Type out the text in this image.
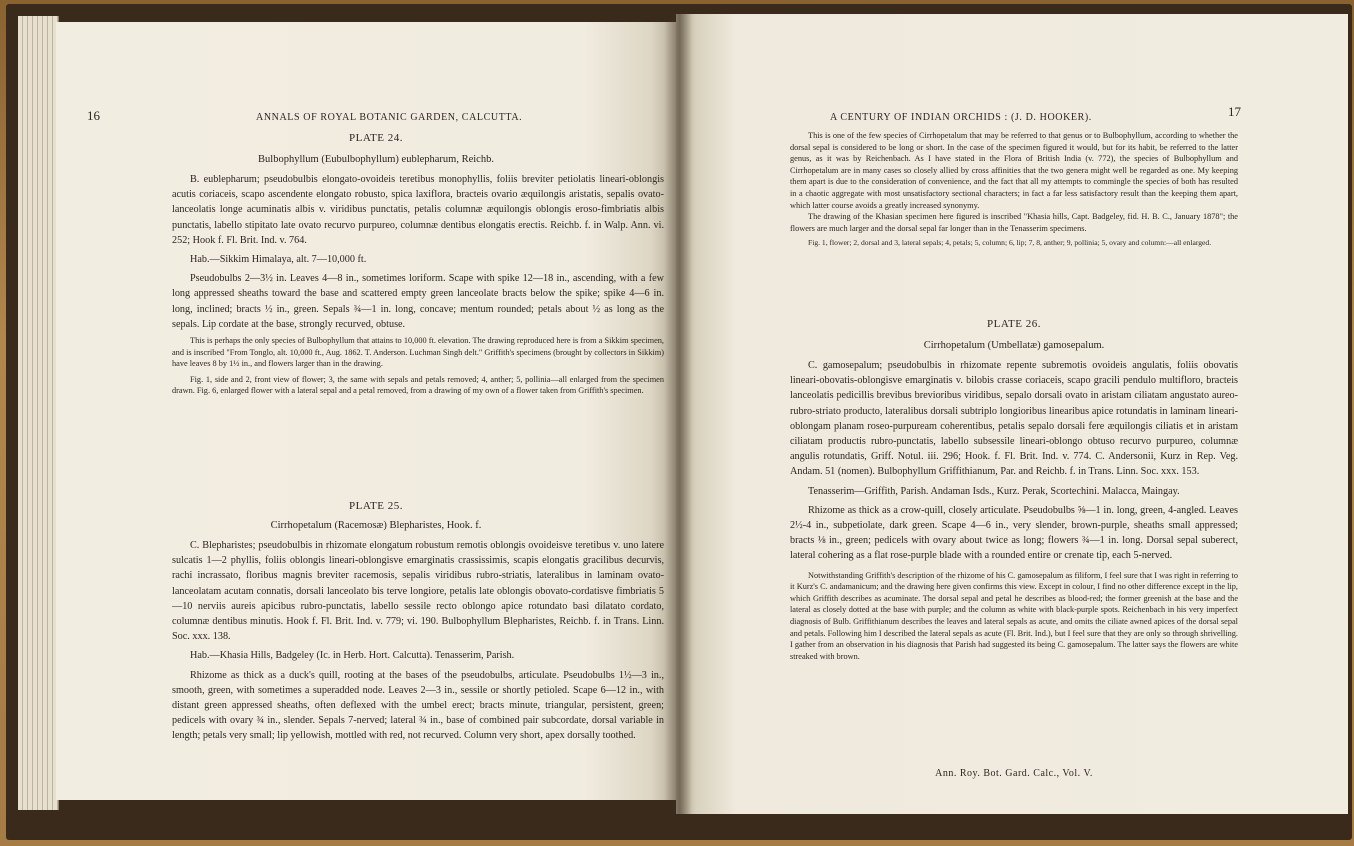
16	ANNALS OF ROYAL BOTANIC GARDEN, CALCUTTA.
PLATE 24.
Bulbophyllum (Eubulbophyllum) eublepharum, Reichb.

B. eublepharum; pseudobulbis elongato-ovoideis teretibus monophyllis, foliis breviter petiolatis lineari-oblongis acutis coriaceis, scapo ascendente elongato robusto, spica laxiflora, bracteis ovario æquilongis aristatis, sepalis ovato-lanceolatis longe acuminatis albis v. viridibus punctatis, petalis columnæ æquilongis oblongis eroso-fimbriatis albis punctatis, labello stipitato late ovato recurvo purpureo, columnæ dentibus elongatis erectis. Reichb. f. in Walp. Ann. vi. 252; Hook f. Fl. Brit. Ind. v. 764.

Hab.—Sikkim Himalaya, alt. 7—10,000 ft.

Pseudobulbs 2—3½ in. Leaves 4—8 in., sometimes loriform. Scape with spike 12—18 in., ascending, with a few long appressed sheaths toward the base and scattered empty green lanceolate bracts below the spike; spike 4—6 in. long, inclined; bracts ½ in., green. Sepals ¾—1 in. long, concave; mentum rounded; petals about ½ as long as the sepals. Lip cordate at the base, strongly recurved, obtuse.

This is perhaps the only species of Bulbophyllum that attains to 10,000 ft. elevation. The drawing reproduced here is from a Sikkim specimen, and is inscribed "From Tonglo, alt. 10,000 ft., Aug. 1862. T. Anderson. Luchman Singh delt." Griffith's specimens (brought by collectors in Sikkim) have leaves 8 by 1½ in., and flowers larger than in the drawing.

Fig. 1, side and 2, front view of flower; 3, the same with sepals and petals removed; 4, anther; 5, pollinia—all enlarged from the specimen drawn. Fig. 6, enlarged flower with a lateral sepal and a petal removed, from a drawing of my own of a flower taken from Griffith's specimen.

PLATE 25.
Cirrhopetalum (Racemosæ) Blepharistes, Hook. f.

C. Blepharistes; pseudobulbis in rhizomate elongatum robustum remotis oblongis ovoideisve teretibus v. uno latere sulcatis 1—2 phyllis, foliis oblongis lineari-oblongisve emarginatis crassissimis, scapis elongatis gracilibus decurvis, rachi incrassato, floribus magnis breviter racemosis, sepalis viridibus rubro-striatis, lateralibus in laminam ovato-lanceolatam acutam connatis, dorsali lanceolato bis terve longiore, petalis late oblongis obovato-cordatisve fimbriatis 5—10 nerviis aureis apicibus rubro-punctatis, labello sessile recto oblongo apice rotundato basi dilatato cordato, columnæ dentibus minutis. Hook f. Fl. Brit. Ind. v. 779; vi. 190. Bulbophyllum Blepharistes, Reichb. f. in Trans. Linn. Soc. xxx. 138.

Hab.—Khasia Hills, Badgeley (Ic. in Herb. Hort. Calcutta). Tenasserim, Parish.

Rhizome as thick as a duck's quill, rooting at the bases of the pseudobulbs, articulate. Pseudobulbs 1½—3 in., smooth, green, with sometimes a superadded node. Leaves 2—3 in., sessile or shortly petioled. Scape 6—12 in., with distant green appressed sheaths, often deflexed with the umbel erect; bracts minute, triangular, persistent, green; pedicels with ovary ¾ in., slender. Sepals 7-nerved; lateral ¾ in., base of combined pair subcordate, dorsal variable in length; petals very small; lip yellowish, mottled with red, not recurved. Column very short, apex dorsally toothed.

A CENTURY OF INDIAN ORCHIDS : (J. D. HOOKER).	17

This is one of the few species of Cirrhopetalum that may be referred to that genus or to Bulbophyllum, according to whether the dorsal sepal is considered to be long or short. In the case of the specimen figured it would, but for its habit, be referred to the latter genus, as it was by Reichenbach. As I have stated in the Flora of British India (v. 772), the species of Bulbophyllum and Cirrhopetalum are in many cases so closely allied by cross affinities that the two genera might well be regarded as one. My keeping them apart is due to the consideration of convenience, and the fact that all my attempts to commingle the species of both has resulted in a chaotic aggregate with most unsatisfactory sectional characters; in fact a far less satisfactory result than the keeping them apart, which latter course avoids a greatly increased synonymy.

The drawing of the Khasian specimen here figured is inscribed "Khasia hills, Capt. Badgeley, fid. H. B. C., January 1878"; the flowers are much larger and the dorsal sepal far longer than in the Tenasserim specimens.

Fig. 1, flower; 2, dorsal and 3, lateral sepals; 4, petals; 5, column; 6, lip; 7, 8, anther; 9, pollinia; 5, ovary and column:—all enlarged.

PLATE 26.
Cirrhopetalum (Umbellatæ) gamosepalum.

C. gamosepalum; pseudobulbis in rhizomate repente subremotis ovoideis angulatis, foliis obovatis lineari-obovatis-oblongisve emarginatis v. bilobis crasse coriaceis, scapo gracili pendulo multifloro, bracteis lanceolatis pedicillis brevibus brevioribus viridibus, sepalo dorsali ovato in aristam ciliatam angustato aureo-rubro-striato producto, lateralibus dorsali subtriplo longioribus linearibus apice rotundatis in laminam lineari-oblongam planam roseo-purpuream coherentibus, petalis sepalo dorsali fere æquilongis ciliatis et in aristam ciliatam productis rubro-punctatis, labello subsessile lineari-oblongo obtuso recurvo purpureo, columnæ angulis rotundatis, Griff. Notul. iii. 296; Hook. f. Fl. Brit. Ind. v. 774. C. Andersonii, Kurz in Rep. Veg. Andam. 51 (nomen). Bulbophyllum Griffithianum, Par. and Reichb. f. in Trans. Linn. Soc. xxx. 153.

Tenasserim—Griffith, Parish. Andaman Isds., Kurz. Perak, Scortechini. Malacca, Maingay.

Rhizome as thick as a crow-quill, closely articulate. Pseudobulbs ⅝—1 in. long, green, 4-angled. Leaves 2½-4 in., subpetiolate, dark green. Scape 4—6 in., very slender, brown-purple, sheaths small appressed; bracts ⅛ in., green; pedicels with ovary about twice as long; flowers ¾—1 in. long. Dorsal sepal suberect, lateral cohering as a flat rose-purple blade with a rounded entire or crenate tip, each 5-nerved.

Notwithstanding Griffith's description of the rhizome of his C. gamosepalum as filiform, I feel sure that I was right in referring to it Kurz's C. andamanicum; and the drawing here given confirms this view. Except in colour, I find no other difference except in the lip, which Griffith describes as acuminate. The dorsal sepal and petal he describes as blood-red; the former greenish at the base and the lateral as closely dotted at the base with purple; and the column as white with black-purple spots. Reichenbach in his very imperfect diagnosis of Bulb. Griffithianum describes the leaves and lateral sepals as acute, and omits the ciliate awned apices of the dorsal sepal and petals. Following him I described the lateral sepals as acute (Fl. Brit. Ind.), but I feel sure that they are only so through shrivelling. I gather from an observation in his diagnosis that Parish had suggested its being C. gamosepalum. The latter says the flowers are white streaked with brown.

Ann. Roy. Bot. Gard. Calc., Vol. V.
